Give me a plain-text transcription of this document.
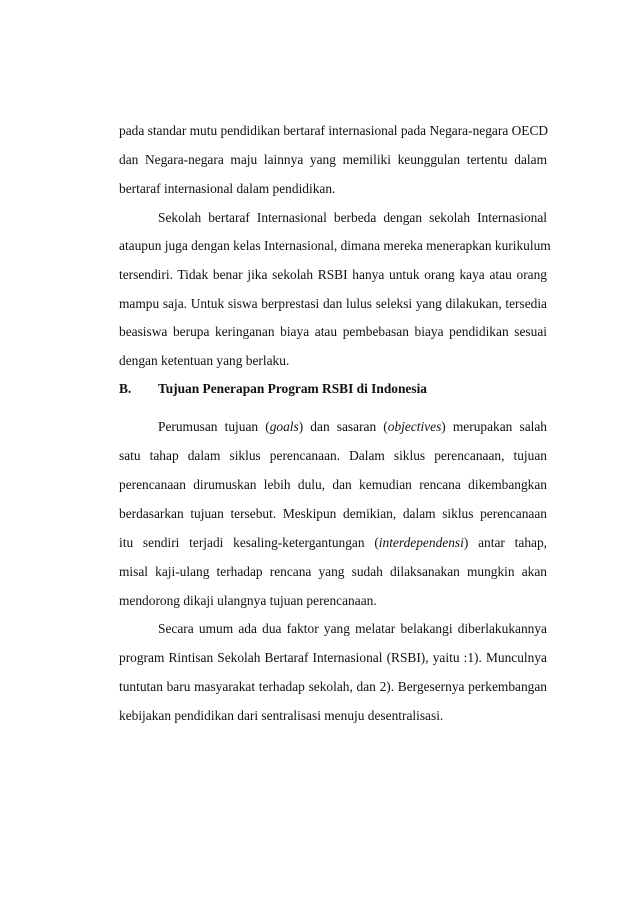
pada standar mutu pendidikan bertaraf internasional pada Negara-negara OECD
dan Negara-negara maju lainnya yang memiliki keunggulan tertentu dalam
bertaraf internasional dalam pendidikan.
Sekolah bertaraf Internasional berbeda dengan sekolah Internasional
ataupun juga dengan kelas Internasional, dimana mereka menerapkan kurikulum
tersendiri. Tidak benar jika sekolah RSBI hanya untuk orang kaya atau orang
mampu saja. Untuk siswa berprestasi dan lulus seleksi yang dilakukan, tersedia
beasiswa berupa keringanan biaya atau pembebasan biaya pendidikan sesuai
dengan ketentuan yang berlaku.
B. Tujuan Penerapan Program RSBI di Indonesia
Perumusan tujuan (goals) dan sasaran (objectives) merupakan salah
satu tahap dalam siklus perencanaan. Dalam siklus perencanaan, tujuan
perencanaan dirumuskan lebih dulu, dan kemudian rencana dikembangkan
berdasarkan tujuan tersebut. Meskipun demikian, dalam siklus perencanaan
itu sendiri terjadi kesaling-ketergantungan (interdependensi) antar tahap,
misal kaji-ulang terhadap rencana yang sudah dilaksanakan mungkin akan
mendorong dikaji ulangnya tujuan perencanaan.
Secara umum ada dua faktor yang melatar belakangi diberlakukannya
program Rintisan Sekolah Bertaraf Internasional (RSBI), yaitu :1). Munculnya
tuntutan baru masyarakat terhadap sekolah, dan 2). Bergesernya perkembangan
kebijakan pendidikan dari sentralisasi menuju desentralisasi.
